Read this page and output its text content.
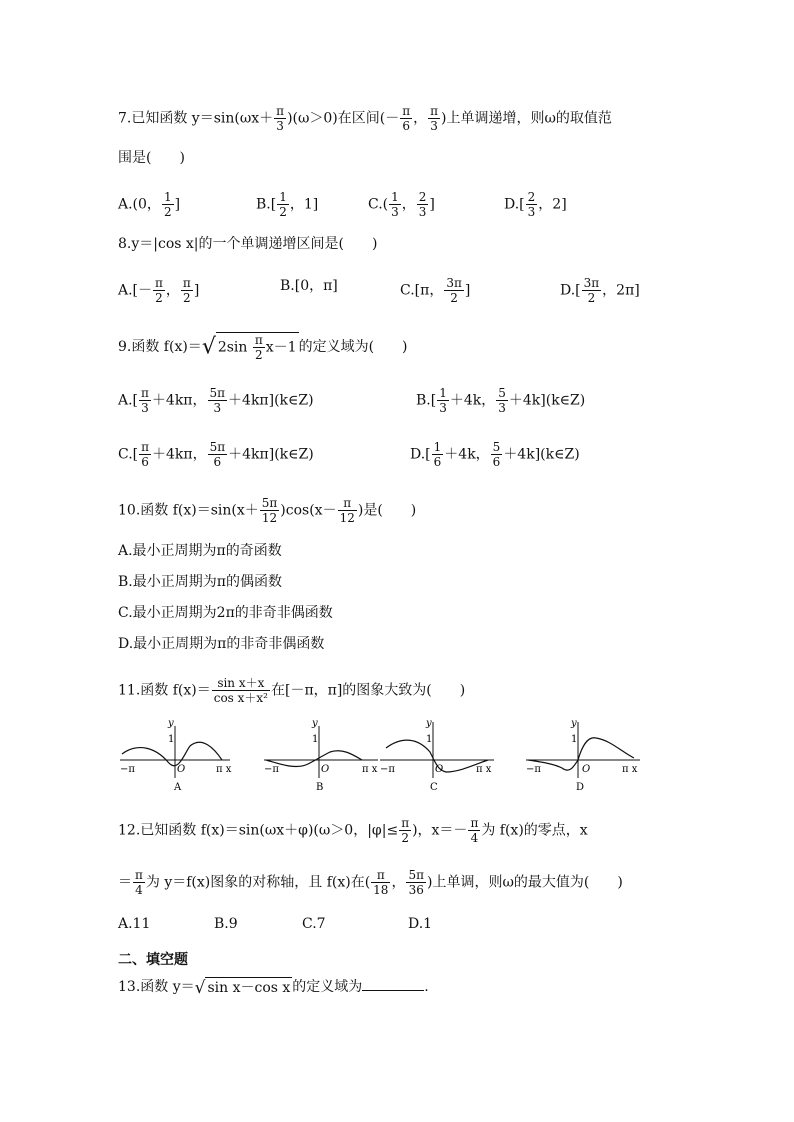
7.已知函数 $y=\sin(\omega x+ \frac{\pi}{3} )(\omega>0)$在区间(－ $\frac{\pi}{6}$ ， $\frac{\pi}{3}$ )上单调递增，则ω的取值范
围是(　　)
A.(0， $\frac{1}{2}$ ]	$B.[ \frac{1}{2}$ ，1]	$C.( \frac{1}{3}$ ， $\frac{2}{3}$ ]	$D.[ \frac{2}{3}$ ，2]
8.y＝|cos x|的一个单调递增区间是(　　)
$A.[- \frac{\pi}{2}$ ， $\frac{\pi}{2}$ ]	B.[0，π]	C.[π， $\frac{3\pi}{2}$ ]	$D.[ \frac{3\pi}{2}$ ，2π]
9.函数 f(x)＝√ $2\sin \frac{\pi}{2} x-1$ 的定义域为(　　)
$A.[ \frac{\pi}{3} +4k\pi$， $\frac{5\pi}{3}$ ＋4kπ](k∈Z)	$B.[ \frac{1}{3} +4k$， $\frac{5}{3}$ ＋4k](k∈Z)
$C.[ \frac{\pi}{6} +4k\pi$， $\frac{5\pi}{6}$ ＋4kπ](k∈Z)	$D.[ \frac{1}{6} +4k$， $\frac{5}{6}$ ＋4k](k∈Z)
10.函数 $f(x)=\sin(x+ \frac{5\pi}{12} )\cos(x- \frac{\pi}{12}$ )是(　　)
A.最小正周期为π的奇函数
B.最小正周期为π的偶函数
C.最小正周期为2π的非奇非偶函数
D.最小正周期为π的非奇非偶函数
11.函数 $f(x)= \frac{\text{sin x＋x}}{\text{cos x＋x²}}$ 在[－π，π]的图象大致为(　　)
y
1
O
−π	π x
A
y
1
O
−π	π x
B
y
1
O
−π	π x
C
y
1
O
−π	π x
D
12.已知函数 f(x)＝sin(ωx＋φ)(ω＞0，$|\varphi|\le \frac{\pi}{2}$ )，$x=- \frac{\pi}{4}$ 为 f(x)的零点，x
＝ $\frac{\pi}{4}$ 为 y＝f(x)图象的对称轴，且 f(x)在( $\frac{\pi}{18}$ ， $\frac{5\pi}{36}$ )上单调，则ω的最大值为(　　)
A.11	B.9	C.7	D.1
二、填空题
13.函数 y＝√ sin x－cos x 的定义域为	.
